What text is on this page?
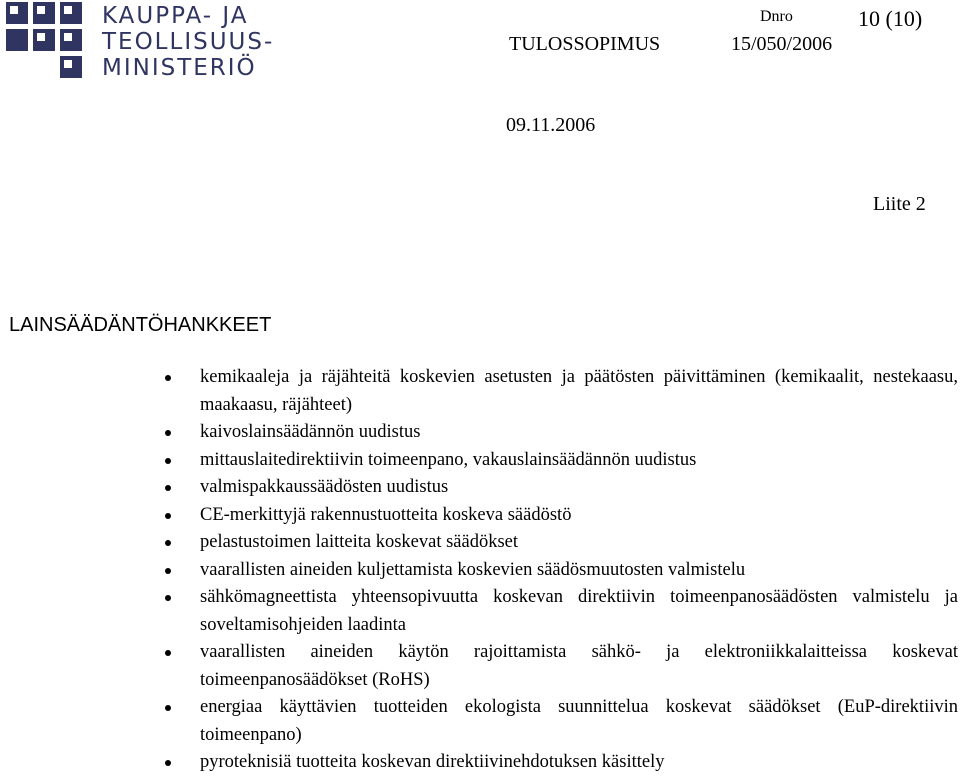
KAUPPA- JA
TEOLLISUUS-
MINISTERIÖ
Dnro	10 (10)
TULOSSOPIMUS	15/050/2006
09.11.2006
Liite 2
LAINSÄÄDÄNTÖHANKKEET
kemikaaleja ja räjähteitä koskevien asetusten ja päätösten päivittäminen (kemikaalit, nestekaasu, maakaasu, räjähteet)
kaivoslainsäädännön uudistus
mittauslaitedirektiivin toimeenpano, vakauslainsäädännön uudistus
valmispakkaussäädösten uudistus
CE-merkittyjä rakennustuotteita koskeva säädöstö
pelastustoimen laitteita koskevat säädökset
vaarallisten aineiden kuljettamista koskevien säädösmuutosten valmistelu
sähkömagneettista yhteensopivuutta koskevan direktiivin toimeenpanosäädösten valmistelu ja soveltamisohjeiden laadinta
vaarallisten aineiden käytön rajoittamista sähkö- ja elektroniikkalaitteissa koskevat toimeenpanosäädökset (RoHS)
energiaa käyttävien tuotteiden ekologista suunnittelua koskevat säädökset (EuP-direktiivin toimeenpano)
pyroteknisiä tuotteita koskevan direktiivinehdotuksen käsittely
